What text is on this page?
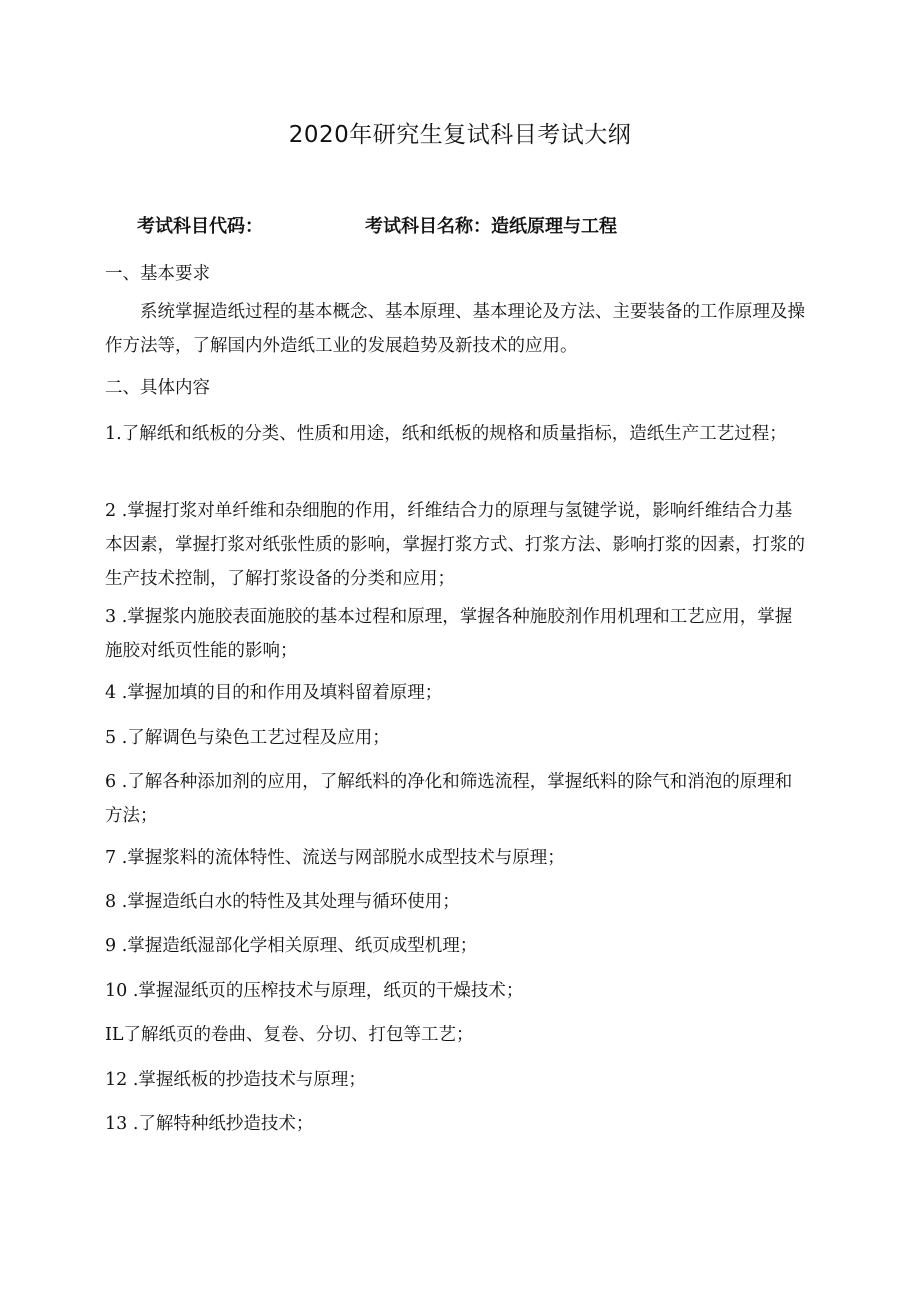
2020年研究生复试科目考试大纲
考试科目代码：	考试科目名称：造纸原理与工程

一、基本要求

系统掌握造纸过程的基本概念、基本原理、基本理论及方法、主要装备的工作原理及操作方法等，了解国内外造纸工业的发展趋势及新技术的应用。

二、具体内容

1.了解纸和纸板的分类、性质和用途，纸和纸板的规格和质量指标，造纸生产工艺过程；

2 .掌握打浆对单纤维和杂细胞的作用，纤维结合力的原理与氢键学说，影响纤维结合力基本因素，掌握打浆对纸张性质的影响，掌握打浆方式、打浆方法、影响打浆的因素，打浆的生产技术控制，了解打浆设备的分类和应用；

3 .掌握浆内施胶表面施胶的基本过程和原理，掌握各种施胶剂作用机理和工艺应用，掌握施胶对纸页性能的影响；

4 .掌握加填的目的和作用及填料留着原理；

5 .了解调色与染色工艺过程及应用；

6 .了解各种添加剂的应用，了解纸料的净化和筛选流程，掌握纸料的除气和消泡的原理和方法；

7 .掌握浆料的流体特性、流送与网部脱水成型技术与原理；

8 .掌握造纸白水的特性及其处理与循环使用；

9 .掌握造纸湿部化学相关原理、纸页成型机理；

10 .掌握湿纸页的压榨技术与原理，纸页的干燥技术；

IL了解纸页的卷曲、复卷、分切、打包等工艺；

12 .掌握纸板的抄造技术与原理；

13 .了解特种纸抄造技术；
